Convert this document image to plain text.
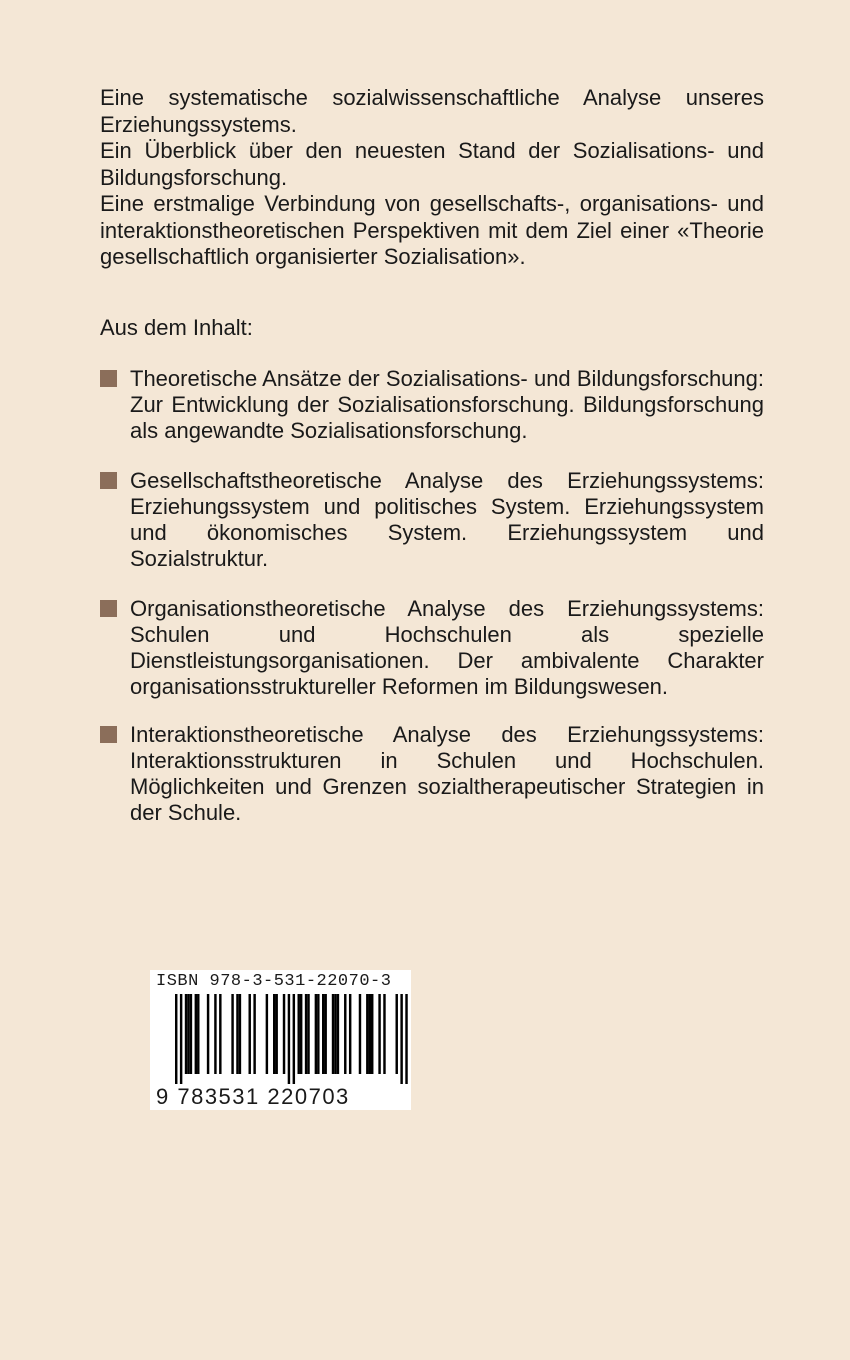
Eine systematische sozialwissenschaftliche Analyse unseres Erziehungssystems.

Ein Überblick über den neuesten Stand der Sozialisations- und Bildungsforschung.

Eine erstmalige Verbindung von gesellschafts-, organisations- und interaktionstheoretischen Perspektiven mit dem Ziel einer «Theorie gesellschaftlich organisierter Sozialisation».

Aus dem Inhalt:
Theoretische Ansätze der Sozialisations- und Bildungsforschung: Zur Entwicklung der Sozialisationsforschung. Bildungsforschung als angewandte Sozialisationsforschung.
Gesellschaftstheoretische Analyse des Erziehungssystems: Erziehungssystem und politisches System. Erziehungssystem und ökonomisches System. Erziehungssystem und Sozialstruktur.
Organisationstheoretische Analyse des Erziehungssystems: Schulen und Hochschulen als spezielle Dienstleistungsorganisationen. Der ambivalente Charakter organisationsstruktureller Reformen im Bildungswesen.
Interaktionstheoretische Analyse des Erziehungssystems: Interaktionsstrukturen in Schulen und Hochschulen. Möglichkeiten und Grenzen sozialtherapeutischer Strategien in der Schule.
ISBN 978-3-531-22070-3
9 783531 220703
